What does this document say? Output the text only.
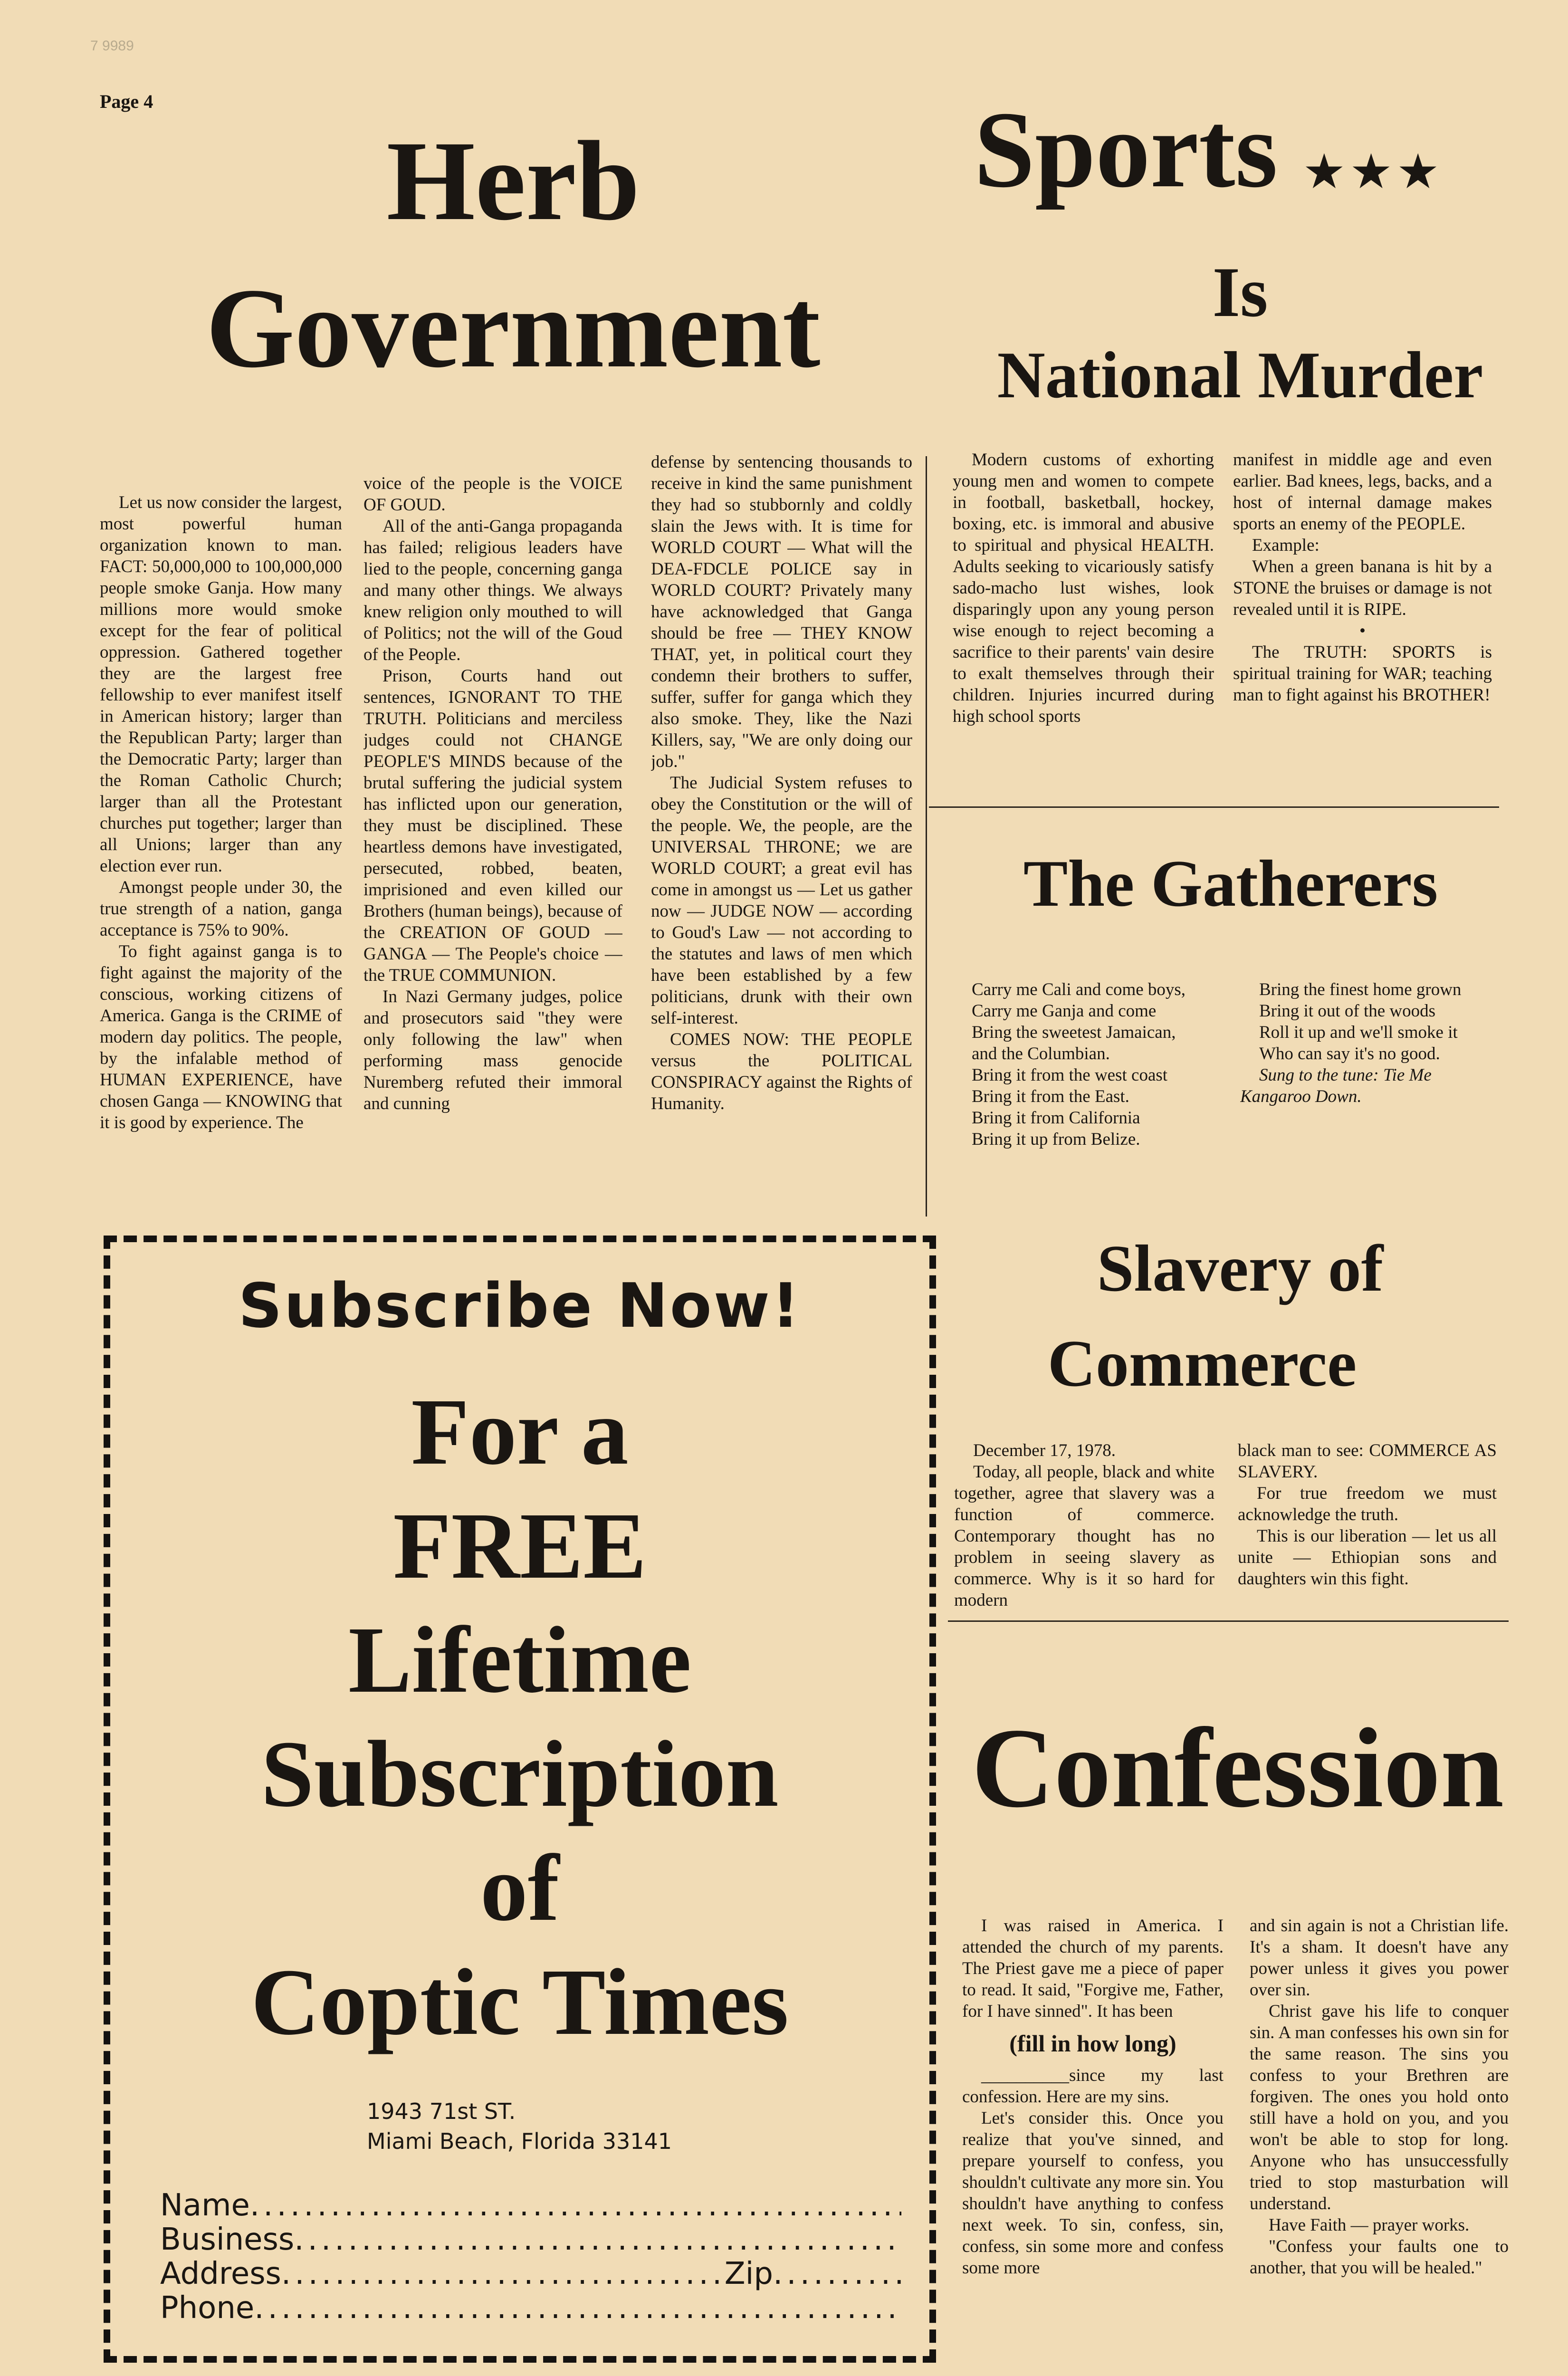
7 9989
Page 4
Herb
Government

Let us now consider the largest, most powerful human organization known to man. FACT: 50,000,000 to 100,000,000 people smoke Ganja. How many millions more would smoke except for the fear of political oppression. Gathered together they are the largest free fellowship to ever manifest itself in American history; larger than the Republican Party; larger than the Democratic Party; larger than the Roman Catholic Church; larger than all the Protestant churches put together; larger than all Unions; larger than any election ever run.

Amongst people under 30, the true strength of a nation, ganga acceptance is 75% to 90%.

To fight against ganga is to fight against the majority of the conscious, working citizens of America. Ganga is the CRIME of modern day politics. The people, by the infalable method of HUMAN EXPERIENCE, have chosen Ganga — KNOWING that it is good by experience. The

voice of the people is the VOICE OF GOUD.

All of the anti-Ganga propaganda has failed; religious leaders have lied to the people, concerning ganga and many other things. We always knew religion only mouthed to will of Politics; not the will of the Goud of the People.

Prison, Courts hand out sentences, IGNORANT TO THE TRUTH. Politicians and merciless judges could not CHANGE PEOPLE'S MINDS because of the brutal suffering the judicial system has inflicted upon our generation, they must be disciplined. These heartless demons have investigated, persecuted, robbed, beaten, imprisioned and even killed our Brothers (human beings), because of the CREATION OF GOUD — GANGA — The People's choice — the TRUE COMMUNION.

In Nazi Germany judges, police and prosecutors said "they were only following the law" when performing mass genocide Nuremberg refuted their immoral and cunning

defense by sentencing thousands to receive in kind the same punishment they had so stubbornly and coldly slain the Jews with. It is time for WORLD COURT — What will the DEA-FDCLE POLICE say in WORLD COURT? Privately many have acknowledged that Ganga should be free — THEY KNOW THAT, yet, in political court they condemn their brothers to suffer, suffer, suffer for ganga which they also smoke. They, like the Nazi Killers, say, "We are only doing our job."

The Judicial System refuses to obey the Constitution or the will of the people. We, the people, are the UNIVERSAL THRONE; we are WORLD COURT; a great evil has come in amongst us — Let us gather now — JUDGE NOW — according to Goud's Law — not according to the statutes and laws of men which have been established by a few politicians, drunk with their own self-interest.

COMES NOW: THE PEOPLE versus the POLITICAL CONSPIRACY against the Rights of Humanity.

Sports ★★★
Is
National Murder

Modern customs of exhorting young men and women to compete in football, basketball, hockey, boxing, etc. is immoral and abusive to spiritual and physical HEALTH. Adults seeking to vicariously satisfy sado-macho lust wishes, look disparingly upon any young person wise enough to reject becoming a sacrifice to their parents' vain desire to exalt themselves through their children. Injuries incurred during high school sports

manifest in middle age and even earlier. Bad knees, legs, backs, and a host of internal damage makes sports an enemy of the PEOPLE.

Example:

When a green banana is hit by a STONE the bruises or damage is not revealed until it is RIPE.

•

The TRUTH: SPORTS is spiritual training for WAR; teaching man to fight against his BROTHER!

The Gatherers

Carry me Cali and come boys,

Carry me Ganja and come

Bring the sweetest Jamaican,

and the Columbian.

Bring it from the west coast

Bring it from the East.

Bring it from California

Bring it up from Belize.

Bring the finest home grown

Bring it out of the woods

Roll it up and we'll smoke it

Who can say it's no good.

Sung to the tune: Tie Me Kangaroo Down.

Slavery of
Commerce

December 17, 1978.

Today, all people, black and white together, agree that slavery was a function of commerce. Contemporary thought has no problem in seeing slavery as commerce. Why is it so hard for modern

black man to see: COMMERCE AS SLAVERY.

For true freedom we must acknowledge the truth.

This is our liberation — let us all unite — Ethiopian sons and daughters win this fight.

Confession

I was raised in America. I attended the church of my parents. The Priest gave me a piece of paper to read. It said, "Forgive me, Father, for I have sinned". It has been

(fill in how long)

__________since my last confession. Here are my sins.

Let's consider this. Once you realize that you've sinned, and prepare yourself to confess, you shouldn't cultivate any more sin. You shouldn't have anything to confess next week. To sin, confess, sin, confess, sin some more and confess some more

and sin again is not a Christian life. It's a sham. It doesn't have any power unless it gives you power over sin.

Christ gave his life to conquer sin. A man confesses his own sin for the same reason. The sins you confess to your Brethren are forgiven. The ones you hold onto still have a hold on you, and you won't be able to stop for long. Anyone who has unsuccessfully tried to stop masturbation will understand.

Have Faith — prayer works.

"Confess your faults one to another, that you will be healed."

Subscribe Now!
For a
FREE
Lifetime
Subscription
of
Coptic Times
1943 71st ST.
Miami Beach, Florida 33141
Name
.....
Business
.....
Address
.....	Zip
.....
Phone
.....
